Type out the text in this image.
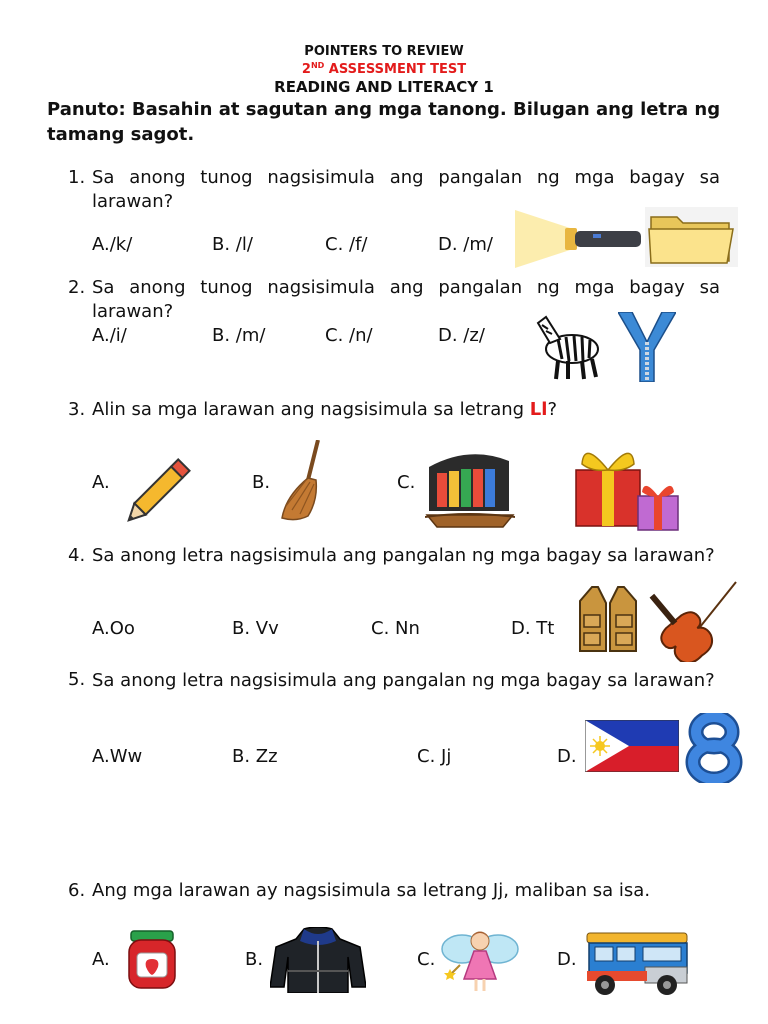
POINTERS TO REVIEW
2ND ASSESSMENT TEST
READING AND LITERACY 1
Panuto: Basahin at sagutan ang mga tanong. Bilugan ang letra ng tamang sagot.
1. Sa anong tunog nagsisimula ang pangalan ng mga bagay sa larawan?
A./k/	B. /l/	C. /f/	D. /m/
2. Sa anong tunog nagsisimula ang pangalan ng mga bagay sa larawan?
A./i/	B. /m/	C. /n/	D. /z/
3. Alin sa mga larawan ang nagsisimula sa letrang Ll?
A.	B.	C.
4. Sa anong letra nagsisimula ang pangalan ng mga bagay sa larawan?
A.Oo	B. Vv	C. Nn	D. Tt
5. Sa anong letra nagsisimula ang pangalan ng mga bagay sa larawan?
A.Ww	B. Zz	C. Jj	D.
6. Ang mga larawan ay nagsisimula sa letrang Jj, maliban sa isa.
A.	B.	C.	D.
